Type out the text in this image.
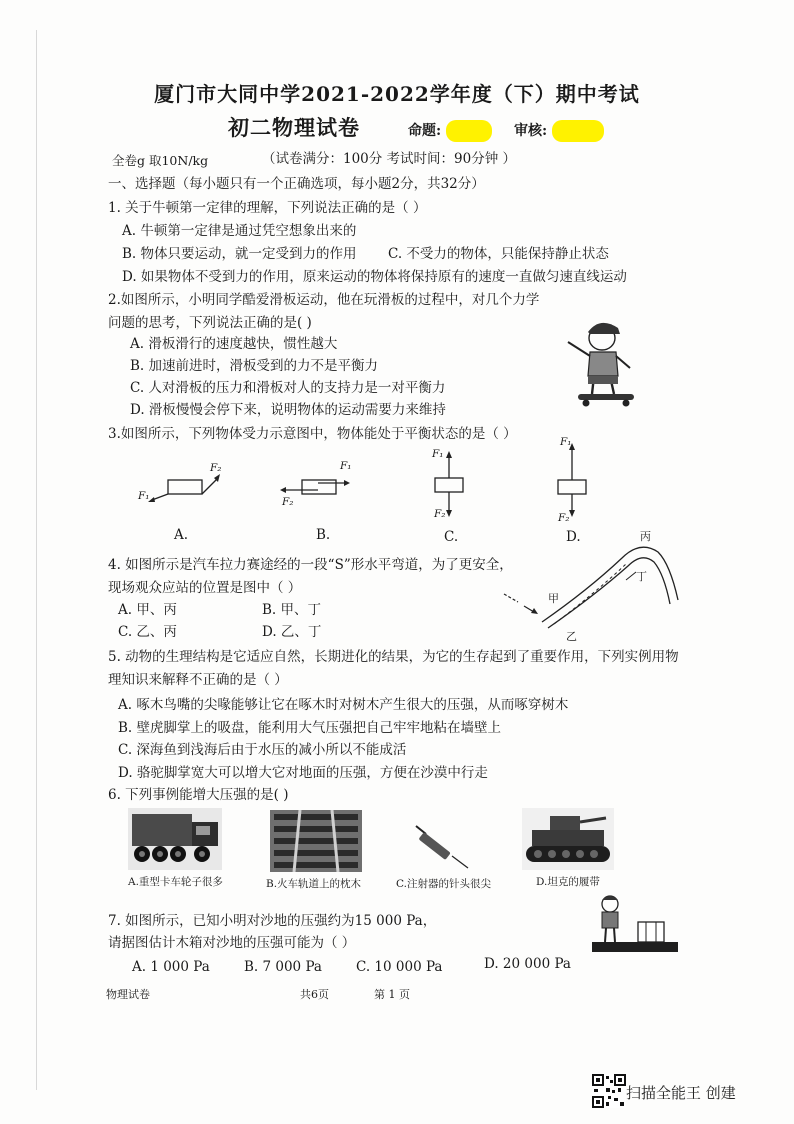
厦门市大同中学2021-2022学年度（下）期中考试
初二物理试卷	命题:	审核:
全卷g 取10N/kg	（试卷满分：100分 考试时间：90分钟 ）
一、选择题（每小题只有一个正确选项，每小题2分，共32分）
1. 关于牛顿第一定律的理解，下列说法正确的是（ ）
A. 牛顿第一定律是通过凭空想象出来的
B. 物体只要运动，就一定受到力的作用 C. 不受力的物体，只能保持静止状态
D. 如果物体不受到力的作用，原来运动的物体将保持原有的速度一直做匀速直线运动
2.如图所示，小明同学酷爱滑板运动，他在玩滑板的过程中，对几个力学
问题的思考，下列说法正确的是( )
A. 滑板滑行的速度越快，惯性越大
B. 加速前进时，滑板受到的力不是平衡力
C. 人对滑板的压力和滑板对人的支持力是一对平衡力
D. 滑板慢慢会停下来，说明物体的运动需要力来维持
3.如图所示，下列物体受力示意图中，物体能处于平衡状态的是（ ）
F₁
F₂
A.
F₁
F₂
B.
F₁
F₂
C.
F₁
F₂
D.
4. 如图所示是汽车拉力赛途经的一段“S”形水平弯道，为了更安全，
现场观众应站的位置是图中（ ）
A. 甲、丙	B. 甲、丁
C. 乙、丙	D. 乙、丁
丙
丁
甲
乙
5. 动物的生理结构是它适应自然，长期进化的结果，为它的生存起到了重要作用，下列实例用物
理知识来解释不正确的是（ ）
A. 啄木鸟嘴的尖喙能够让它在啄木时对树木产生很大的压强，从而啄穿树木
B. 壁虎脚掌上的吸盘，能利用大气压强把自己牢牢地粘在墙壁上
C. 深海鱼到浅海后由于水压的减小所以不能成活
D. 骆驼脚掌宽大可以增大它对地面的压强，方便在沙漠中行走
6. 下列事例能增大压强的是( )
A.重型卡车轮子很多	B.火车轨道上的枕木	C.注射器的针头很尖	D.坦克的履带
7. 如图所示，已知小明对沙地的压强约为15 000 Pa，
请据图估计木箱对沙地的压强可能为（ ）
A. 1 000 Pa	B. 7 000 Pa	C. 10 000 Pa	D. 20 000 Pa
物理试卷	共6页	第 1 页
扫描全能王 创建
